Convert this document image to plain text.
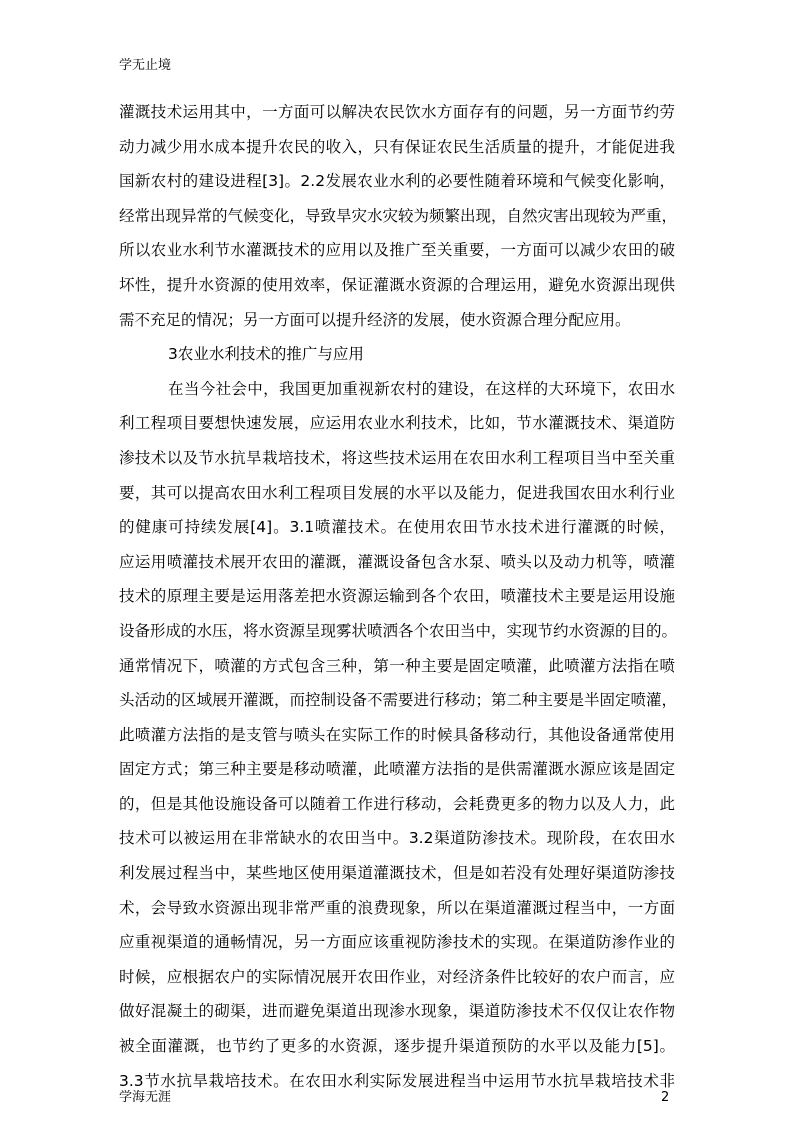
学无止境
灌溉技术运用其中，一方面可以解决农民饮水方面存有的问题，另一方面节约劳
动力减少用水成本提升农民的收入，只有保证农民生活质量的提升，才能促进我
国新农村的建设进程[3]。2.2发展农业水利的必要性随着环境和气候变化影响，
经常出现异常的气候变化，导致旱灾水灾较为频繁出现，自然灾害出现较为严重，
所以农业水利节水灌溉技术的应用以及推广至关重要，一方面可以减少农田的破
坏性，提升水资源的使用效率，保证灌溉水资源的合理运用，避免水资源出现供
需不充足的情况；另一方面可以提升经济的发展，使水资源合理分配应用。
3农业水利技术的推广与应用
在当今社会中，我国更加重视新农村的建设，在这样的大环境下，农田水
利工程项目要想快速发展，应运用农业水利技术，比如，节水灌溉技术、渠道防
渗技术以及节水抗旱栽培技术，将这些技术运用在农田水利工程项目当中至关重
要，其可以提高农田水利工程项目发展的水平以及能力，促进我国农田水利行业
的健康可持续发展[4]。3.1喷灌技术。在使用农田节水技术进行灌溉的时候，
应运用喷灌技术展开农田的灌溉，灌溉设备包含水泵、喷头以及动力机等，喷灌
技术的原理主要是运用落差把水资源运输到各个农田，喷灌技术主要是运用设施
设备形成的水压，将水资源呈现雾状喷洒各个农田当中，实现节约水资源的目的。
通常情况下，喷灌的方式包含三种，第一种主要是固定喷灌，此喷灌方法指在喷
头活动的区域展开灌溉，而控制设备不需要进行移动；第二种主要是半固定喷灌，
此喷灌方法指的是支管与喷头在实际工作的时候具备移动行，其他设备通常使用
固定方式；第三种主要是移动喷灌，此喷灌方法指的是供需灌溉水源应该是固定
的，但是其他设施设备可以随着工作进行移动，会耗费更多的物力以及人力，此
技术可以被运用在非常缺水的农田当中。3.2渠道防渗技术。现阶段，在农田水
利发展过程当中，某些地区使用渠道灌溉技术，但是如若没有处理好渠道防渗技
术，会导致水资源出现非常严重的浪费现象，所以在渠道灌溉过程当中，一方面
应重视渠道的通畅情况，另一方面应该重视防渗技术的实现。在渠道防渗作业的
时候，应根据农户的实际情况展开农田作业，对经济条件比较好的农户而言，应
做好混凝土的砌渠，进而避免渠道出现渗水现象，渠道防渗技术不仅仅让农作物
被全面灌溉，也节约了更多的水资源，逐步提升渠道预防的水平以及能力[5]。
3.3节水抗旱栽培技术。在农田水利实际发展进程当中运用节水抗旱栽培技术非
学海无涯	2
